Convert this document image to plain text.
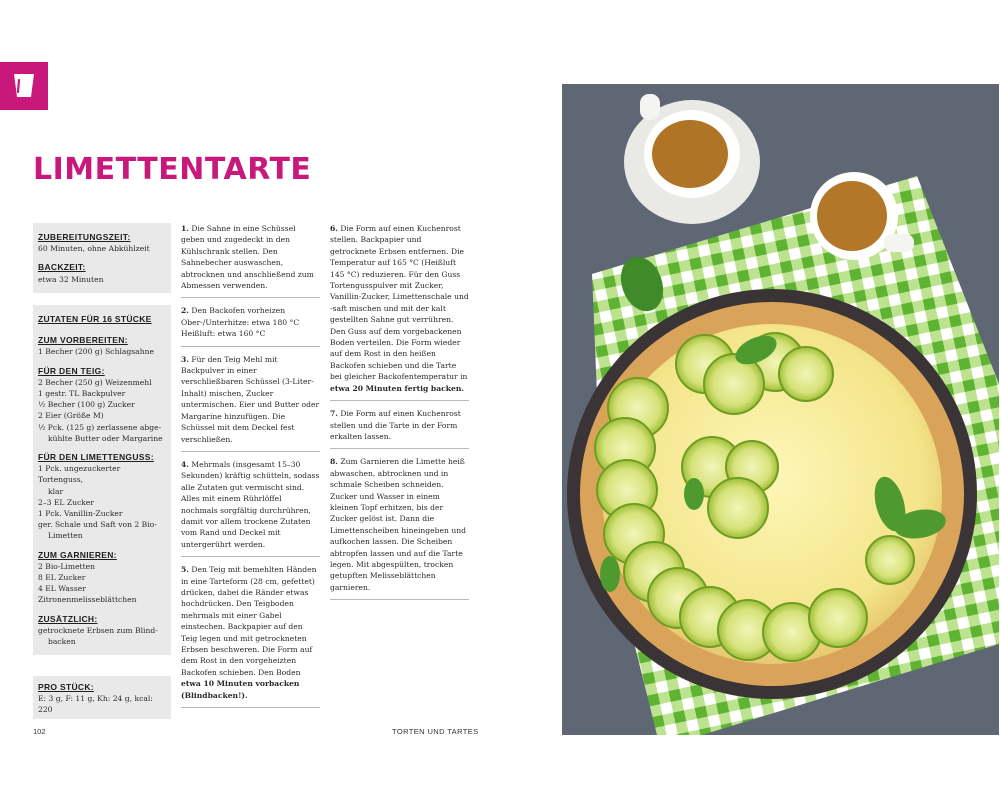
LIMETTENTARTE
ZUBEREITUNGSZEIT:

60 Minuten, ohne Abkühlzeit

BACKZEIT:

etwa 32 Minuten

ZUTATEN FÜR 16 STÜCKE
ZUM VORBEREITEN:
1 Becher (200 g) Schlagsahne
FÜR DEN TEIG:
2 Becher (250 g) Weizenmehl
1 gestr. TL Backpulver
½ Becher (100 g) Zucker
2 Eier (Größe M)
½ Pck. (125 g) zerlassene abge-
kühlte Butter oder Margarine
FÜR DEN LIMETTENGUSS:
1 Pck. ungezuckerter Tortenguss,
klar
2–3 EL Zucker
1 Pck. Vanillin-Zucker
ger. Schale und Saft von 2 Bio-
Limetten
ZUM GARNIEREN:
2 Bio-Limetten
8 EL Zucker
4 EL Wasser
Zitronenmelisseblättchen
ZUSÄTZLICH:
getrocknete Erbsen zum Blind-
backen
PRO STÜCK:

E: 3 g, F: 11 g, Kh: 24 g, kcal: 220

1. Die Sahne in eine Schüssel geben und zugedeckt in den Kühlschrank stellen. Den Sahnebecher auswaschen, abtrocknen und anschließend zum Abmessen verwenden.
2. Den Backofen vorheizen Ober-/Unterhitze: etwa 180 °C Heißluft: etwa 160 °C
3. Für den Teig Mehl mit Backpulver in einer verschließbaren Schüssel (3-Liter-Inhalt) mischen, Zucker untermischen. Eier und Butter oder Margarine hinzufügen. Die Schüssel mit dem Deckel fest verschließen.
4. Mehrmals (insgesamt 15–30 Sekunden) kräftig schütteln, sodass alle Zutaten gut vermischt sind. Alles mit einem Rührlöffel nochmals sorgfältig durchrühren, damit vor allem trockene Zutaten vom Rand und Deckel mit untergerührt werden.
5. Den Teig mit bemehlten Händen in eine Tarteform (28 cm, gefettet) drücken, dabei die Ränder etwas hochdrücken. Den Teigboden mehrmals mit einer Gabel einstechen. Backpapier auf den Teig legen und mit getrockneten Erbsen beschweren. Die Form auf dem Rost in den vorgeheizten Backofen schieben. Den Boden etwa 10 Minuten vorbacken (Blindbacken!).
6. Die Form auf einen Kuchenrost stellen. Backpapier und getrocknete Erbsen entfernen. Die Temperatur auf 165 °C (Heißluft 145 °C) reduzieren. Für den Guss Tortengusspulver mit Zucker, Vanillin-Zucker, Limettenschale und -saft mischen und mit der kalt gestellten Sahne gut verrühren. Den Guss auf dem vorgebackenen Boden verteilen. Die Form wieder auf dem Rost in den heißen Backofen schieben und die Tarte bei gleicher Backofentemperatur in etwa 20 Minuten fertig backen.
7. Die Form auf einen Kuchenrost stellen und die Tarte in der Form erkalten lassen.
8. Zum Garnieren die Limette heiß abwaschen, abtrocknen und in schmale Scheiben schneiden. Zucker und Wasser in einem kleinen Topf erhitzen, bis der Zucker gelöst ist. Dann die Limettenscheiben hineingeben und aufkochen lassen. Die Scheiben abtropfen lassen und auf die Tarte legen. Mit abgespülten, trocken getupften Melisseblättchen garnieren.
102	TORTEN UND TARTES
